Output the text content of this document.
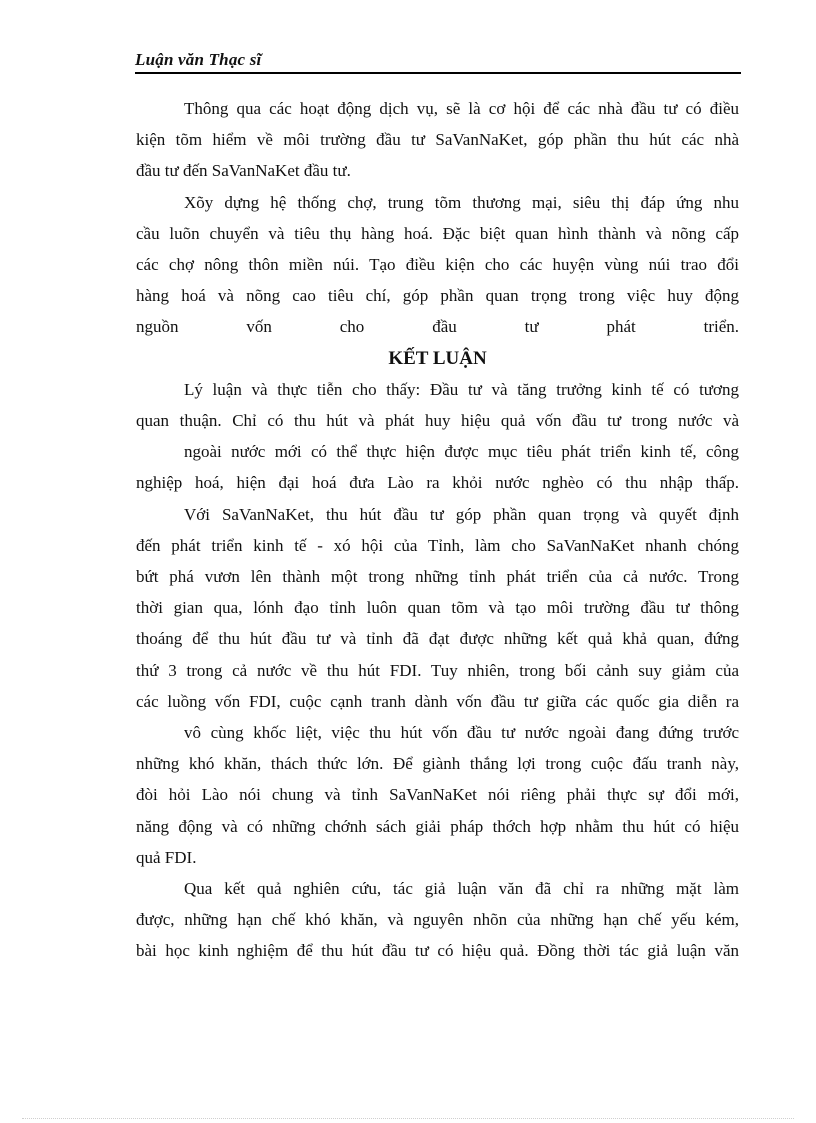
Luận văn Thạc sĩ
Thông qua các hoạt động dịch vụ, sẽ là cơ hội để các nhà đầu tư có điều
kiện tõm hiểm về môi trường đầu tư SaVanNaKet, góp phần thu hút các nhà
đầu tư đến SaVanNaKet đầu tư.
Xõy dựng hệ thống chợ, trung tõm thương mại, siêu thị đáp ứng nhu
cầu luõn chuyển và tiêu thụ hàng hoá. Đặc biệt quan hình thành và nõng cấp
các chợ nông thôn miền núi. Tạo điều kiện cho các huyện vùng núi trao đổi
hàng hoá và nõng cao tiêu chí, góp phần quan trọng trong việc huy động
nguồn vốn cho đầu tư phát triển.
KẾT LUẬN
Lý luận và thực tiễn cho thấy: Đầu tư và tăng trưởng kinh tế có tương
quan thuận. Chỉ có thu hút và phát huy hiệu quả vốn đầu tư trong nước và
ngoài nước mới có thể thực hiện được mục tiêu phát triển kinh tế, công
nghiệp hoá, hiện đại hoá đưa Lào ra khỏi nước nghèo có thu nhập thấp.
Với SaVanNaKet, thu hút đầu tư góp phần quan trọng và quyết định
đến phát triển kinh tế - xó hội của Tỉnh, làm cho SaVanNaKet nhanh chóng
bứt phá vươn lên thành một trong những tỉnh phát triển của cả nước. Trong
thời gian qua, lónh đạo tỉnh luôn quan tõm và tạo môi trường đầu tư thông
thoáng để thu hút đầu tư và tỉnh đã đạt được những kết quả khả quan, đứng
thứ 3 trong cả nước về thu hút FDI. Tuy nhiên, trong bối cảnh suy giảm của
các luồng vốn FDI, cuộc cạnh tranh dành vốn đầu tư giữa các quốc gia diễn ra
vô cùng khốc liệt, việc thu hút vốn đầu tư nước ngoài đang đứng trước
những khó khăn, thách thức lớn. Để giành thắng lợi trong cuộc đấu tranh này,
đòi hỏi Lào nói chung và tỉnh SaVanNaKet nói riêng phải thực sự đổi mới,
năng động và có những chớnh sách giải pháp thớch hợp nhằm thu hút có hiệu
quả FDI.
Qua kết quả nghiên cứu, tác giả luận văn đã chỉ ra những mặt làm
được, những hạn chế khó khăn, và nguyên nhõn của những hạn chế yếu kém,
bài học kinh nghiệm để thu hút đầu tư có hiệu quả. Đồng thời tác giả luận văn
